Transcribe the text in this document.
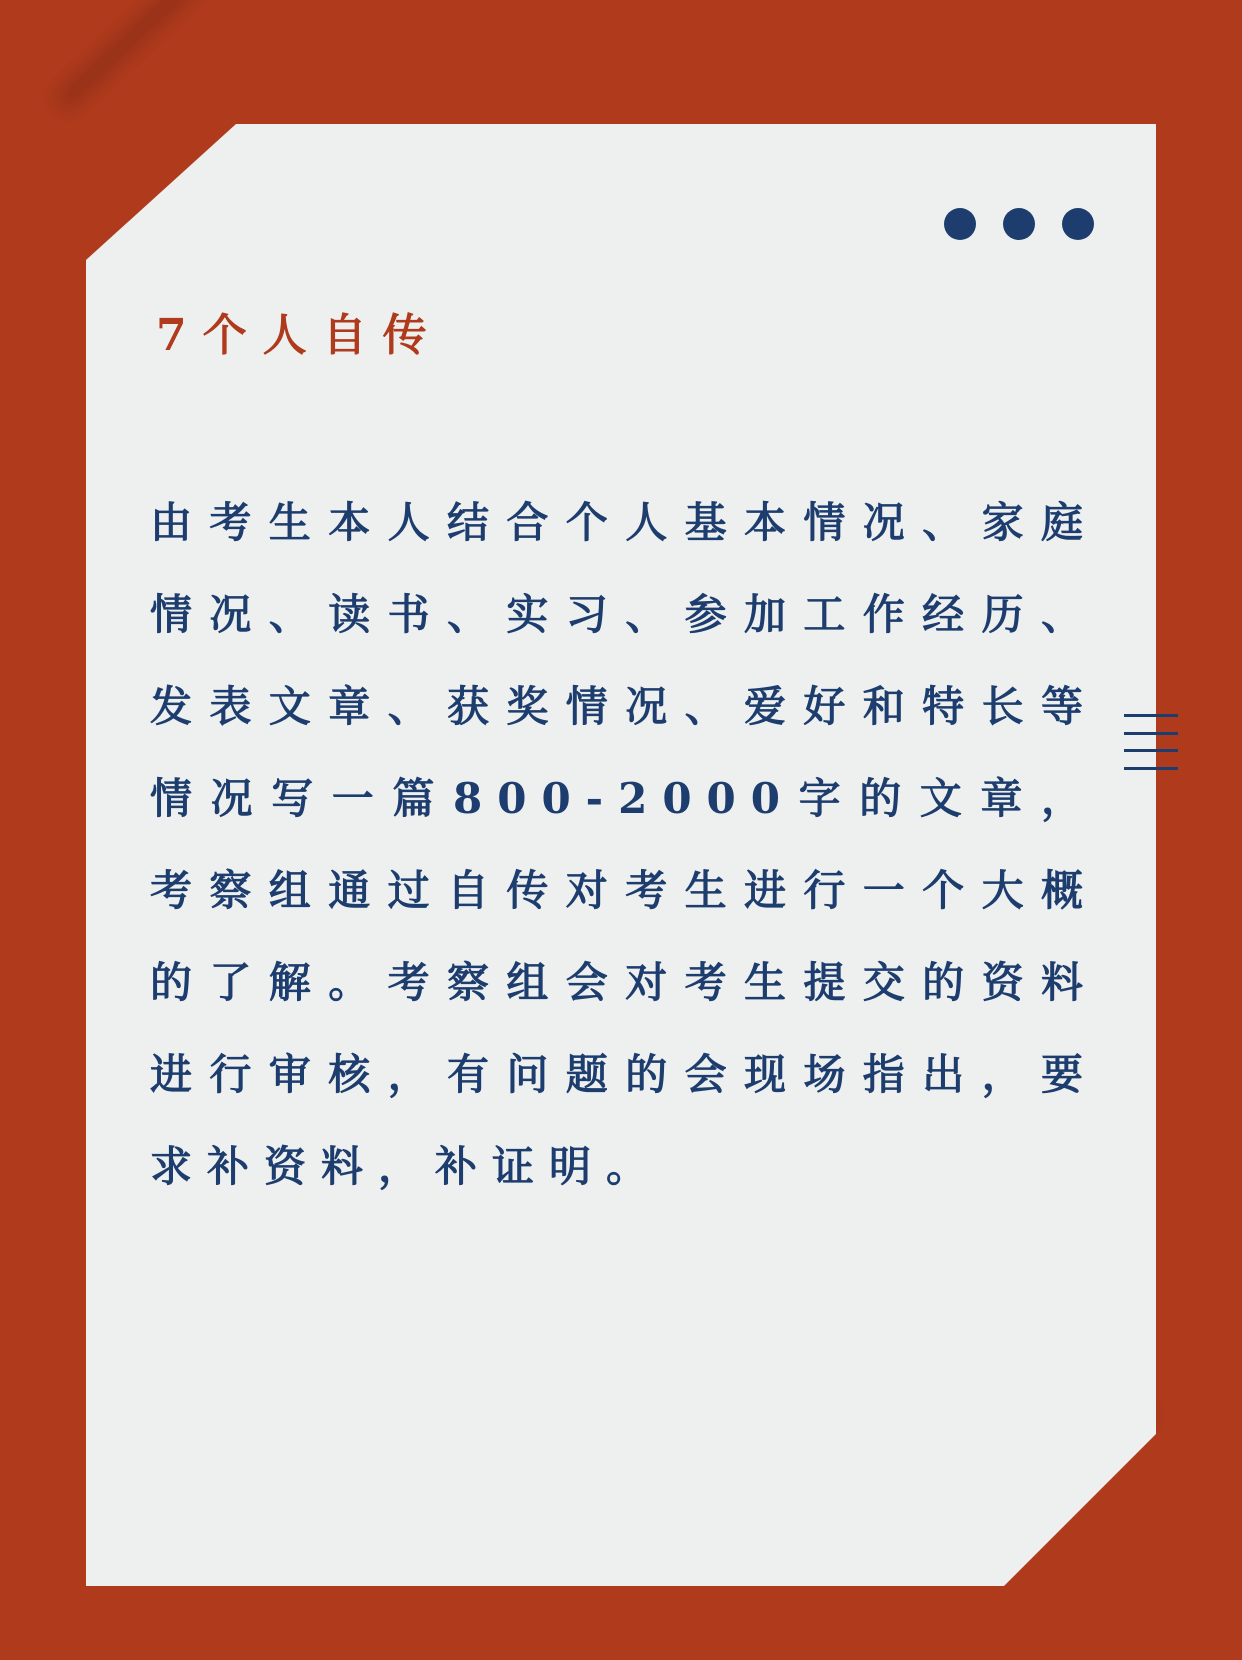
7个人自传
由考生本人结合个人基本情况、家庭情况、读书、实习、参加工作经历、发表文章、获奖情况、爱好和特长等情况写一篇800-2000字的文章，考察组通过自传对考生进行一个大概的了解。考察组会对考生提交的资料进行审核，有问题的会现场指出，要求补资料，补证明。
